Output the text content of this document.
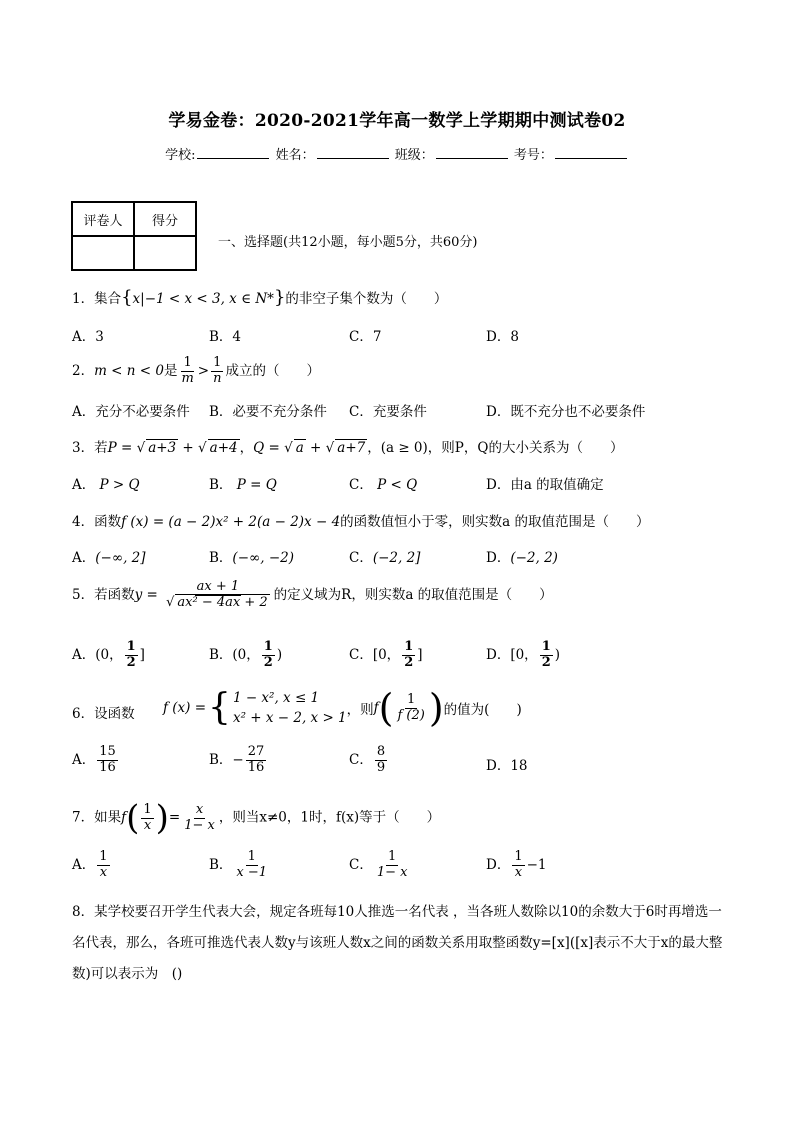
学易金卷：2020-2021学年高一数学上学期期中测试卷02
学校:	姓名：	班级：	考号：
评卷人	得分

一、选择题(共12小题，每小题5分，共60分)
1．集合{x|−1 < x < 3, x ∈ N*}的非空子集个数为（　　）
A．3	B．4	C．7	D．8
2．m < n < 0是 $\frac{1}{m} > \frac{1}{n}$ 成立的（　　）
A．充分不必要条件 B．必要不充分条件 C．充要条件	D．既不充分也不必要条件
3．若P = √ a+3 + √ a+4 ，Q = √ a + √ a+7 ，(a ≥ 0)，则P，Q的大小关系为（　　）
A． P > Q	B． P = Q	C． P < Q	D．由a 的取值确定
4．函数f (x) = (a − 2)x² + 2(a − 2)x − 4的函数值恒小于零，则实数a 的取值范围是（　　）
A．(−∞, 2]	B．(−∞, −2)	C．(−2, 2]	D．(−2, 2)
5．若函数$y = \frac{ax + 1}{\text{√ ax² − 4ax + 2}}$ 的定义域为R，则实数a 的取值范围是（　　）
A．(0， $\frac{1}{2}$ ]	B．(0， $\frac{1}{2}$ )	C．[0， $\frac{1}{2}$ ]	D．[0， $\frac{1}{2}$ )
6．设函数 f (x) = { 1 − x², x ≤ 1
x² + x − 2, x > 1 ，则 f ( $\frac{1}{f (2)}$ ) 的值为(　　)
A． $\frac{15}{16}$	B．− $\frac{27}{16}$	C． $\frac{8}{9}$	D．18
7．如果$f( \frac{1}{x}$ )= $\frac{x}{1- x}$ ，则当x≠0，1时，f(x)等于（　　）
A． $\frac{1}{x}$	B． $\frac{1}{x -1}$	C． $\frac{1}{1- x}$	D． $\frac{1}{x} -1$
8．某学校要召开学生代表大会，规定各班每10人推选一名代表 ，当各班人数除以10的余数大于6时再增选一名代表，那么，各班可推选代表人数y与该班人数x之间的函数关系用取整函数y=[x]([x]表示不大于x的最大整数)可以表示为　()
